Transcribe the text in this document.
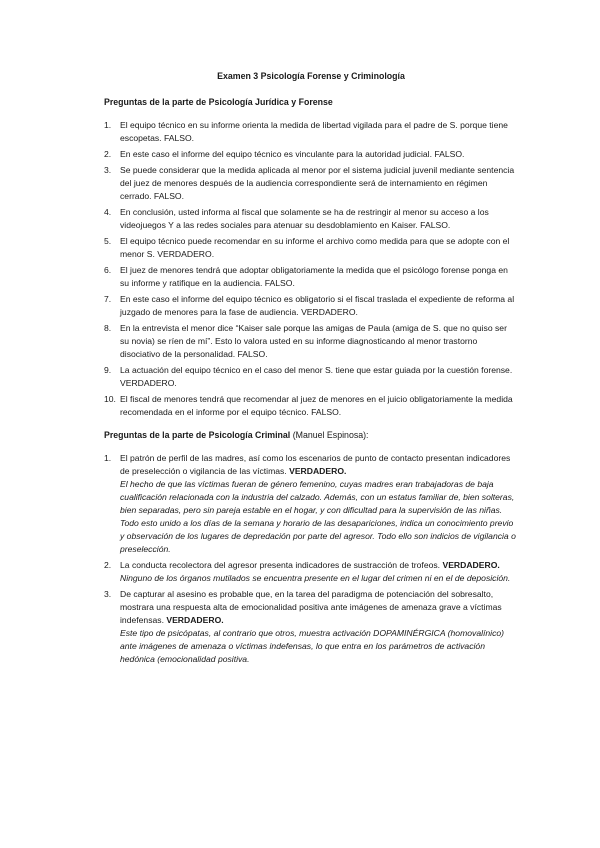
Examen 3 Psicología Forense y Criminología
Preguntas de la parte de Psicología Jurídica y Forense
1. El equipo técnico en su informe orienta la medida de libertad vigilada para el padre de S. porque tiene escopetas. FALSO.
2. En este caso el informe del equipo técnico es vinculante para la autoridad judicial. FALSO.
3. Se puede considerar que la medida aplicada al menor por el sistema judicial juvenil mediante sentencia del juez de menores después de la audiencia correspondiente será de internamiento en régimen cerrado. FALSO.
4. En conclusión, usted informa al fiscal que solamente se ha de restringir al menor su acceso a los videojuegos Y a las redes sociales para atenuar su desdoblamiento en Kaiser. FALSO.
5. El equipo técnico puede recomendar en su informe el archivo como medida para que se adopte con el menor S. VERDADERO.
6. El juez de menores tendrá que adoptar obligatoriamente la medida que el psicólogo forense ponga en su informe y ratifique en la audiencia. FALSO.
7. En este caso el informe del equipo técnico es obligatorio si el fiscal traslada el expediente de reforma al juzgado de menores para la fase de audiencia. VERDADERO.
8. En la entrevista el menor dice “Kaiser sale porque las amigas de Paula (amiga de S. que no quiso ser su novia) se ríen de mí”. Esto lo valora usted en su informe diagnosticando al menor trastorno disociativo de la personalidad. FALSO.
9. La actuación del equipo técnico en el caso del menor S. tiene que estar guiada por la cuestión forense. VERDADERO.
10. El fiscal de menores tendrá que recomendar al juez de menores en el juicio obligatoriamente la medida recomendada en el informe por el equipo técnico. FALSO.
Preguntas de la parte de Psicología Criminal (Manuel Espinosa):
1. El patrón de perfil de las madres, así como los escenarios de punto de contacto presentan indicadores de preselección o vigilancia de las víctimas. VERDADERO.
El hecho de que las víctimas fueran de género femenino, cuyas madres eran trabajadoras de baja cualificación relacionada con la industria del calzado. Además, con un estatus familiar de, bien solteras, bien separadas, pero sin pareja estable en el hogar, y con dificultad para la supervisión de las niñas. Todo esto unido a los días de la semana y horario de las desapariciones, indica un conocimiento previo y observación de los lugares de depredación por parte del agresor. Todo ello son indicios de vigilancia o preselección.
2. La conducta recolectora del agresor presenta indicadores de sustracción de trofeos. VERDADERO.
Ninguno de los órganos mutilados se encuentra presente en el lugar del crimen ni en el de deposición.
3. De capturar al asesino es probable que, en la tarea del paradigma de potenciación del sobresalto, mostrara una respuesta alta de emocionalidad positiva ante imágenes de amenaza grave a víctimas indefensas. VERDADERO.
Este tipo de psicópatas, al contrario que otros, muestra activación DOPAMINÉRGICA (homovalínico) ante imágenes de amenaza o víctimas indefensas, lo que entra en los parámetros de activación hedónica (emocionalidad positiva.
